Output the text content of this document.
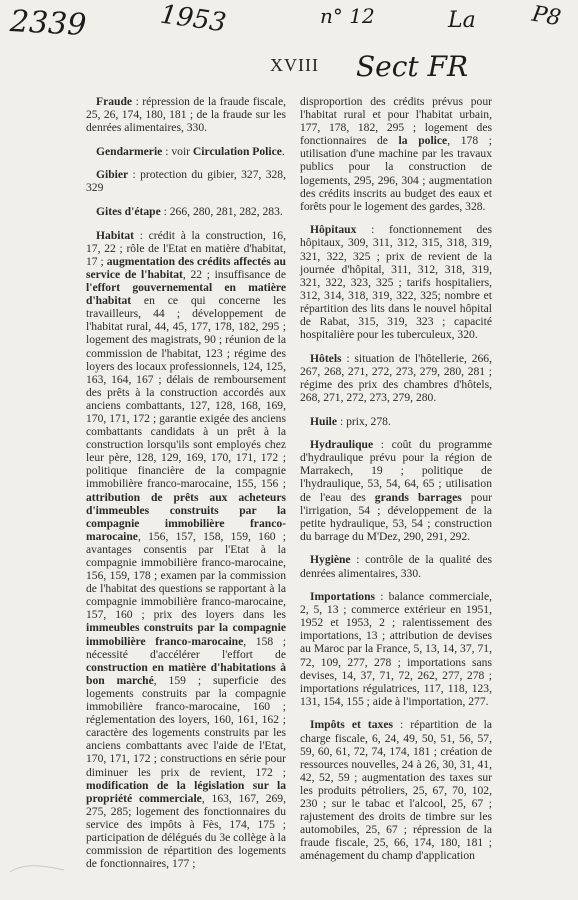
2339	1953	n° 12	La P8
Sect FR
XVIII

Fraude : répression de la fraude fiscale, 25, 26, 174, 180, 181 ; de la fraude sur les denrées alimentaires, 330.

Gendarmerie : voir Circulation Police.

Gibier : protection du gibier, 327, 328, 329

Gites d'étape : 266, 280, 281, 282, 283.

Habitat : crédit à la construction, 16, 17, 22 ; rôle de l'Etat en matière d'habitat, 17 ; augmentation des crédits affectés au service de l'habitat, 22 ; insuffisance de l'effort gouvernemental en matière d'habitat en ce qui concerne les travailleurs, 44 ; développement de l'habitat rural, 44, 45, 177, 178, 182, 295 ; logement des magistrats, 90 ; réunion de la commission de l'habitat, 123 ; régime des loyers des locaux professionnels, 124, 125, 163, 164, 167 ; délais de remboursement des prêts à la construction accordés aux anciens combattants, 127, 128, 168, 169, 170, 171, 172 ; garantie exigée des anciens combattants candidats à un prêt à la construction lorsqu'ils sont employés chez leur père, 128, 129, 169, 170, 171, 172 ; politique financière de la compagnie immobilière franco-marocaine, 155, 156 ; attribution de prêts aux acheteurs d'immeubles construits par la compagnie immobilière franco-marocaine, 156, 157, 158, 159, 160 ; avantages consentis par l'Etat à la compagnie immobilière franco-marocaine, 156, 159, 178 ; examen par la commission de l'habitat des questions se rapportant à la compagnie immobilière franco-marocaine, 157, 160 ; prix des loyers dans les immeubles construits par la compagnie immobilière franco-marocaine, 158 ; nécessité d'accélérer l'effort de construction en matière d'habitations à bon marché, 159 ; superficie des logements construits par la compagnie immobilière franco-marocaine, 160 ; réglementation des loyers, 160, 161, 162 ; caractère des logements construits par les anciens combattants avec l'aide de l'Etat, 170, 171, 172 ; constructions en série pour diminuer les prix de revient, 172 ; modification de la législation sur la propriété commerciale, 163, 167, 269, 275, 285; logement des fonctionnaires du service des impôts à Fès, 174, 175 ; participation de délégués du 3e collège à la commission de répartition des logements de fonctionnaires, 177 ;

disproportion des crédits prévus pour l'habitat rural et pour l'habitat urbain, 177, 178, 182, 295 ; logement des fonctionnaires de la police, 178 ; utilisation d'une machine par les travaux publics pour la construction de logements, 295, 296, 304 ; augmentation des crédits inscrits au budget des eaux et forêts pour le logement des gardes, 328.

Hôpitaux : fonctionnement des hôpitaux, 309, 311, 312, 315, 318, 319, 321, 322, 325 ; prix de revient de la journée d'hôpital, 311, 312, 318, 319, 321, 322, 323, 325 ; tarifs hospitaliers, 312, 314, 318, 319, 322, 325; nombre et répartition des lits dans le nouvel hôpital de Rabat, 315, 319, 323 ; capacité hospitalière pour les tuberculeux, 320.

Hôtels : situation de l'hôtellerie, 266, 267, 268, 271, 272, 273, 279, 280, 281 ; régime des prix des chambres d'hôtels, 268, 271, 272, 273, 279, 280.

Huile : prix, 278.

Hydraulique : coût du programme d'hydraulique prévu pour la région de Marrakech, 19 ; politique de l'hydraulique, 53, 54, 64, 65 ; utilisation de l'eau des grands barrages pour l'irrigation, 54 ; développement de la petite hydraulique, 53, 54 ; construction du barrage du M'Dez, 290, 291, 292.

Hygiène : contrôle de la qualité des denrées alimentaires, 330.

Importations : balance commerciale, 2, 5, 13 ; commerce extérieur en 1951, 1952 et 1953, 2 ; ralentissement des importations, 13 ; attribution de devises au Maroc par la France, 5, 13, 14, 37, 71, 72, 109, 277, 278 ; importations sans devises, 14, 37, 71, 72, 262, 277, 278 ; importations régulatrices, 117, 118, 123, 131, 154, 155 ; aide à l'importation, 277.

Impôts et taxes : répartition de la charge fiscale, 6, 24, 49, 50, 51, 56, 57, 59, 60, 61, 72, 74, 174, 181 ; création de ressources nouvelles, 24 à 26, 30, 31, 41, 42, 52, 59 ; augmentation des taxes sur les produits pétroliers, 25, 67, 70, 102, 230 ; sur le tabac et l'alcool, 25, 67 ; rajustement des droits de timbre sur les automobiles, 25, 67 ; répression de la fraude fiscale, 25, 66, 174, 180, 181 ; aménagement du champ d'application
